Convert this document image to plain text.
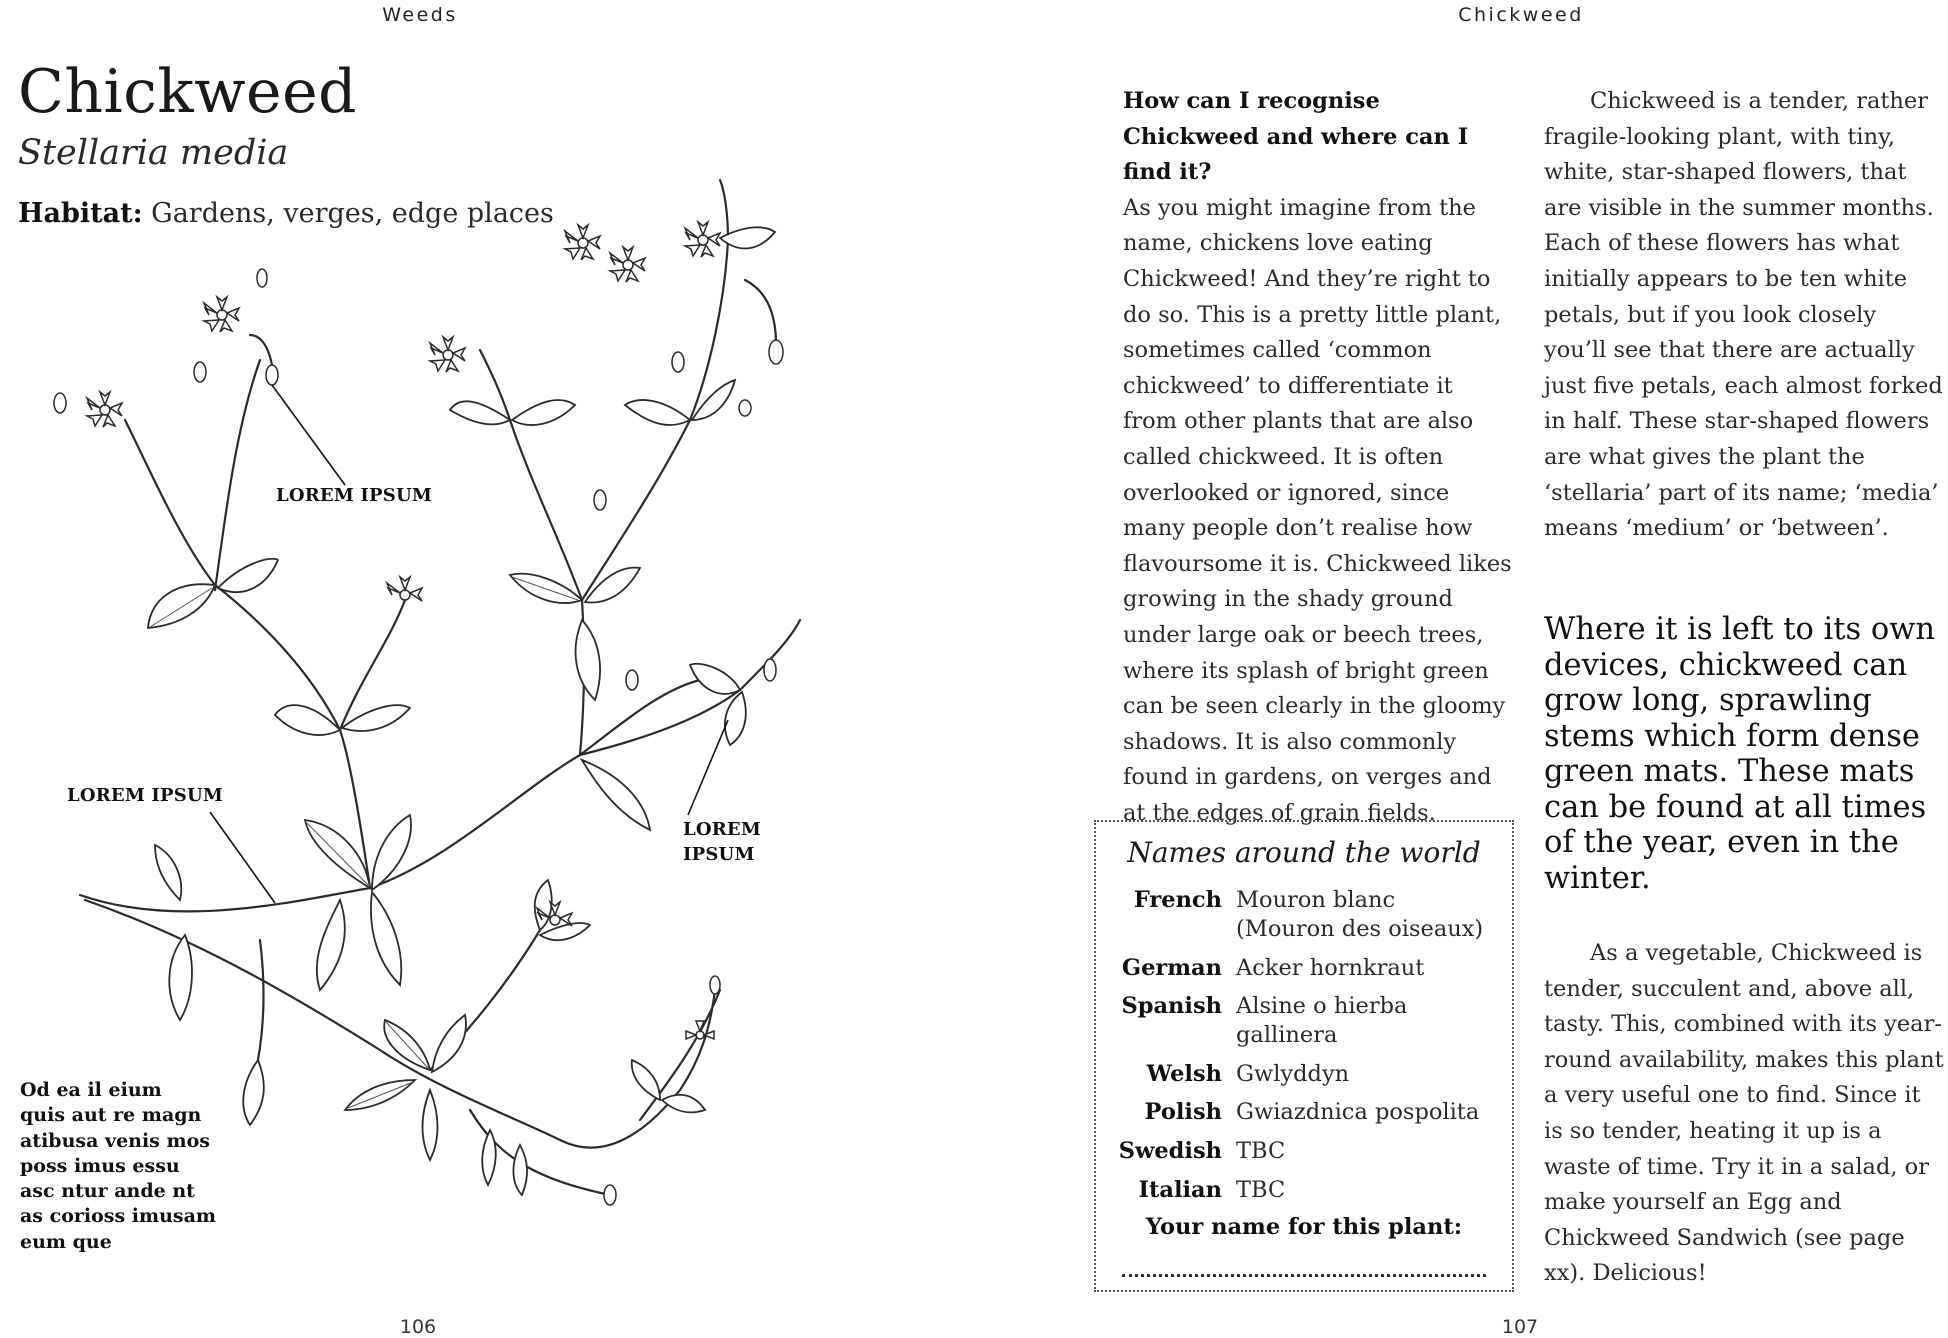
Weeds
Chickweed
Stellaria media
Habitat: Gardens, verges, edge places
LOREM IPSUM
LOREM IPSUM
LOREM
IPSUM
Od ea il eium
quis aut re magn
atibusa venis mos
poss imus essu
asc ntur ande nt
as corioss imusam
eum que
106
Chickweed
How can I recognise Chickweed and where can I find it?
As you might imagine from the name, chickens love eating Chickweed! And they’re right to do so. This is a pretty little plant, sometimes called ‘common chickweed’ to differentiate it from other plants that are also called chickweed. It is often overlooked or ignored, since many people don’t realise how flavoursome it is. Chickweed likes growing in the shady ground under large oak or beech trees, where its splash of bright green can be seen clearly in the gloomy shadows. It is also commonly found in gardens, on verges and at the edges of grain fields.
Chickweed is a tender, rather fragile-looking plant, with tiny, white, star-shaped flowers, that are visible in the summer months. Each of these flowers has what initially appears to be ten white petals, but if you look closely you’ll see that there are actually just five petals, each almost forked in half. These star-shaped flowers are what gives the plant the ‘stellaria’ part of its name; ‘media’ means ‘medium’ or ‘between’.
Where it is left to its own devices, chickweed can grow long, sprawling stems which form dense green mats. These mats can be found at all times of the year, even in the winter.
As a vegetable, Chickweed is tender, succulent and, above all, tasty. This, combined with its year-round availability, makes this plant a very useful one to find. Since it is so tender, heating it up is a waste of time. Try it in a salad, or make yourself an Egg and Chickweed Sandwich (see page xx). Delicious!
Names around the world
French Mouron blanc
(Mouron des oiseaux)
German Acker hornkraut
Spanish Alsine o hierba
gallinera
Welsh Gwlyddyn
Polish Gwiazdnica pospolita
Swedish TBC
Italian TBC
Your name for this plant:
107
